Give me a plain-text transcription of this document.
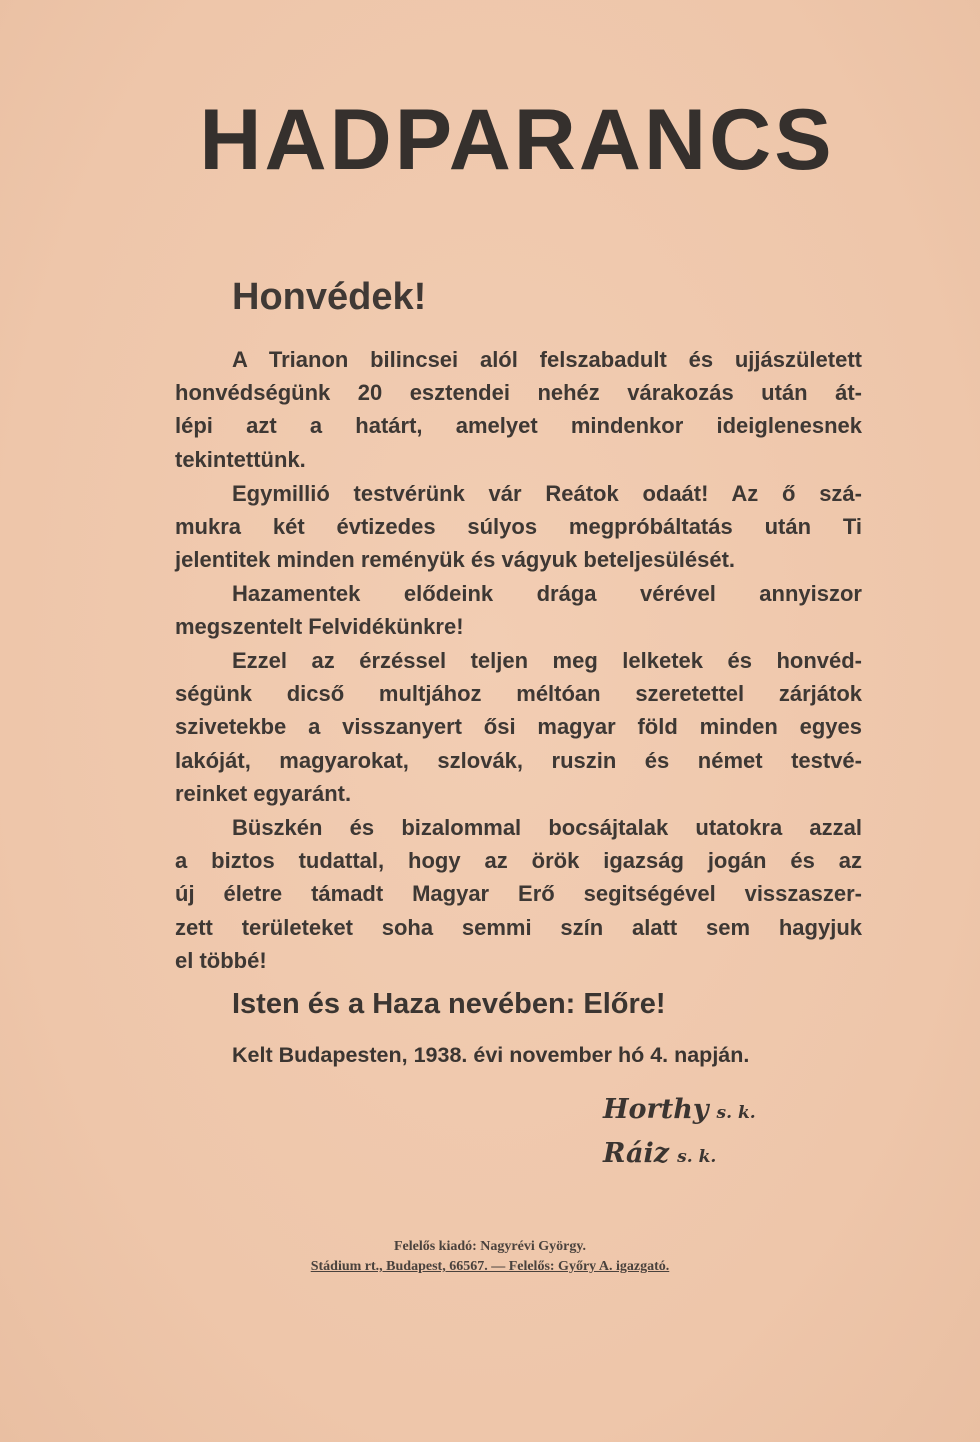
HADPARANCS
Honvédek!
A Trianon bilincsei alól felszabadult és ujjászületett
honvédségünk 20 esztendei nehéz várakozás után át-
lépi azt a határt, amelyet mindenkor ideiglenesnek
tekintettünk.
Egymillió testvérünk vár Reátok odaát! Az ő szá-
mukra két évtizedes súlyos megpróbáltatás után Ti
jelentitek minden reményük és vágyuk beteljesülését.
Hazamentek elődeink drága vérével annyiszor
megszentelt Felvidékünkre!
Ezzel az érzéssel teljen meg lelketek és honvéd-
ségünk dicső multjához méltóan szeretettel zárjátok
szivetekbe a visszanyert ősi magyar föld minden egyes
lakóját, magyarokat, szlovák, ruszin és német testvé-
reinket egyaránt.
Büszkén és bizalommal bocsájtalak utatokra azzal
a biztos tudattal, hogy az örök igazság jogán és az
új életre támadt Magyar Erő segitségével visszaszer-
zett területeket soha semmi szín alatt sem hagyjuk
el többé!
Isten és a Haza nevében: Előre!
Kelt Budapesten, 1938. évi november hó 4. napján.
Horthy s. k.
Ráiz s. k.
Felelős kiadó: Nagyrévi György.
Stádium rt., Budapest, 66567. — Felelős: Győry A. igazgató.
